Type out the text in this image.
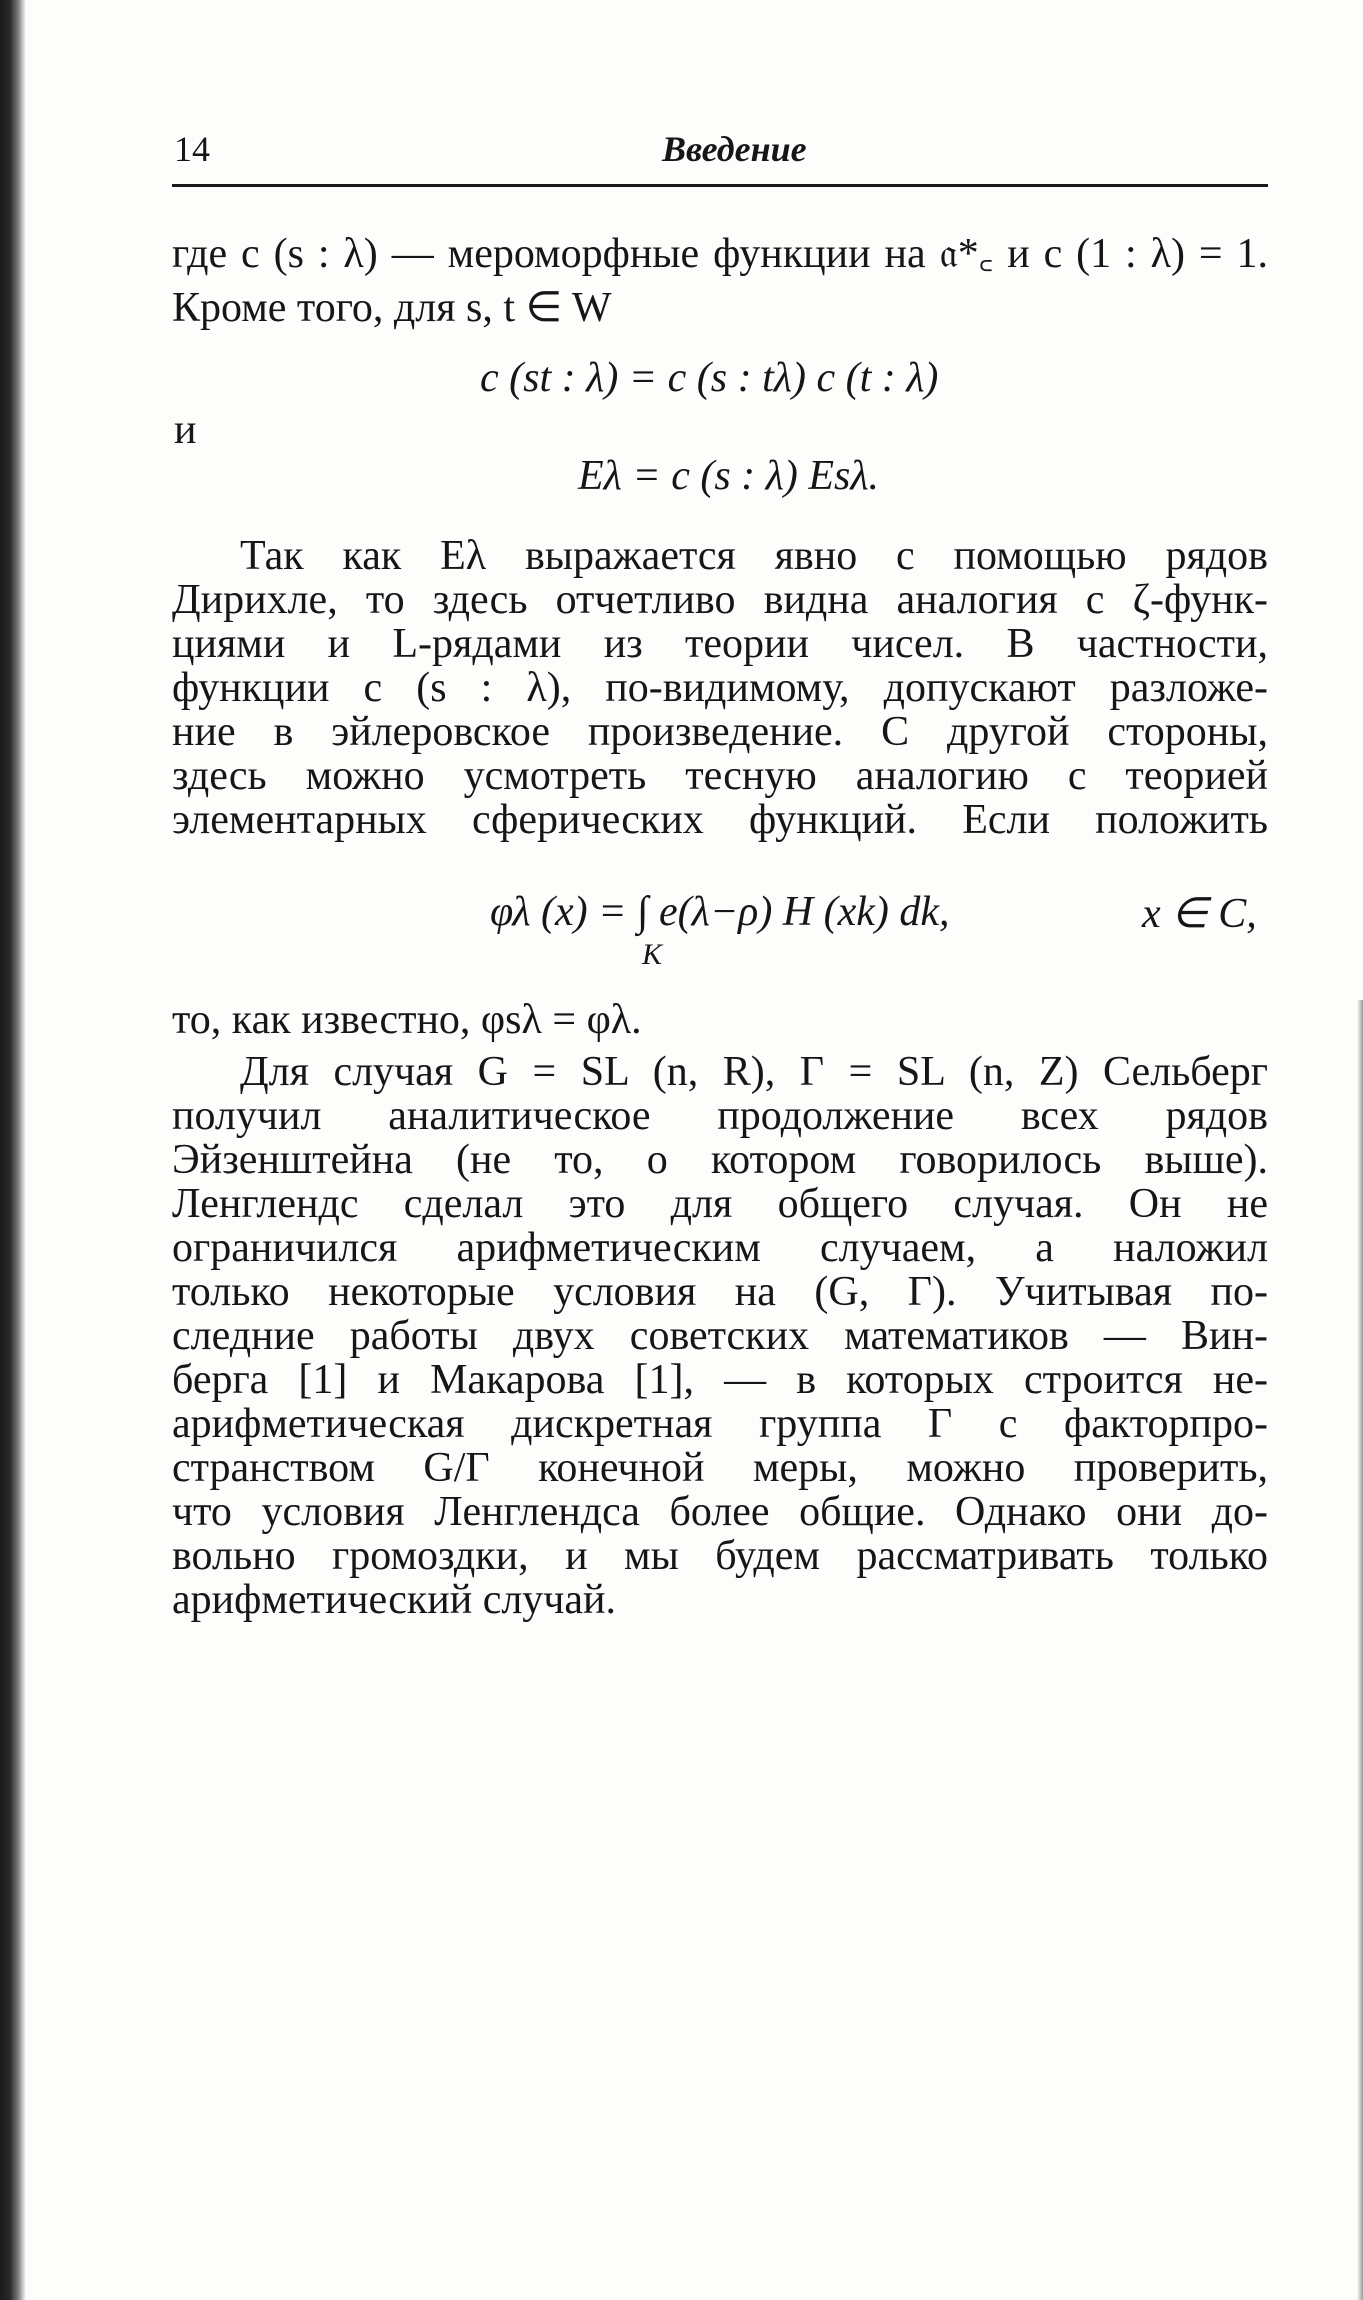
14	Введение
где c (s : λ) — мероморфные функции на 𝔞*꜀ и c (1 : λ) = 1.
Кроме того, для s, t ∈ W
c (st : λ) = c (s : tλ) c (t : λ)
и
Eλ = c (s : λ) Esλ.
Так как Eλ выражается явно с помощью рядов
Дирихле, то здесь отчетливо видна аналогия с ζ-функ-
циями и L-рядами из теории чисел. В частности,
функции c (s : λ), по-видимому, допускают разложе-
ние в эйлеровское произведение. С другой стороны,
здесь можно усмотреть тесную аналогию с теорией
элементарных сферических функций. Если положить
φλ (x) = ∫ e(λ−ρ) H (xk) dk,
K
x ∈ C,
то, как известно, φsλ = φλ.
Для случая G = SL (n, R), Γ = SL (n, Z) Сельберг
получил аналитическое продолжение всех рядов
Эйзенштейна (не то, о котором говорилось выше).
Ленглендс сделал это для общего случая. Он не
ограничился арифметическим случаем, а наложил
только некоторые условия на (G, Γ). Учитывая по-
следние работы двух советских математиков — Вин-
берга [1] и Макарова [1], — в которых строится не-
арифметическая дискретная группа Γ с факторпро-
странством G/Γ конечной меры, можно проверить,
что условия Ленглендса более общие. Однако они до-
вольно громоздки, и мы будем рассматривать только
арифметический случай.
